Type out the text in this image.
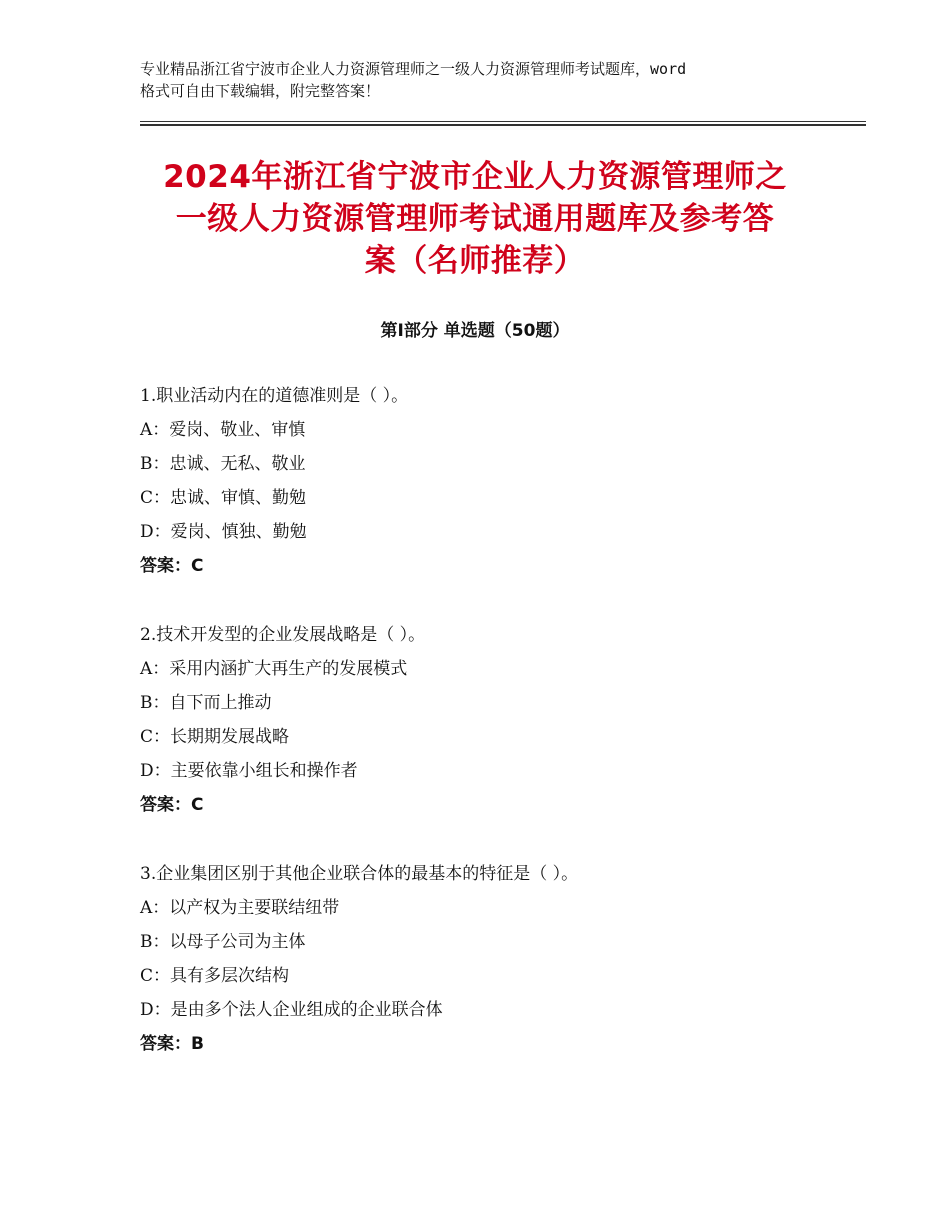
专业精品浙江省宁波市企业人力资源管理师之一级人力资源管理师考试题库，word
格式可自由下载编辑，附完整答案！
2024年浙江省宁波市企业人力资源管理师之
一级人力资源管理师考试通用题库及参考答
案（名师推荐）
第Ⅰ部分 单选题（50题）
1.职业活动内在的道德准则是（ ）。
A：爱岗、敬业、审慎
B：忠诚、无私、敬业
C：忠诚、审慎、勤勉
D：爱岗、慎独、勤勉
答案：C
2.技术开发型的企业发展战略是（ ）。
A：采用内涵扩大再生产的发展模式
B：自下而上推动
C：长期期发展战略
D：主要依靠小组长和操作者
答案：C
3.企业集团区别于其他企业联合体的最基本的特征是（ ）。
A：以产权为主要联结纽带
B：以母子公司为主体
C：具有多层次结构
D：是由多个法人企业组成的企业联合体
答案：B
